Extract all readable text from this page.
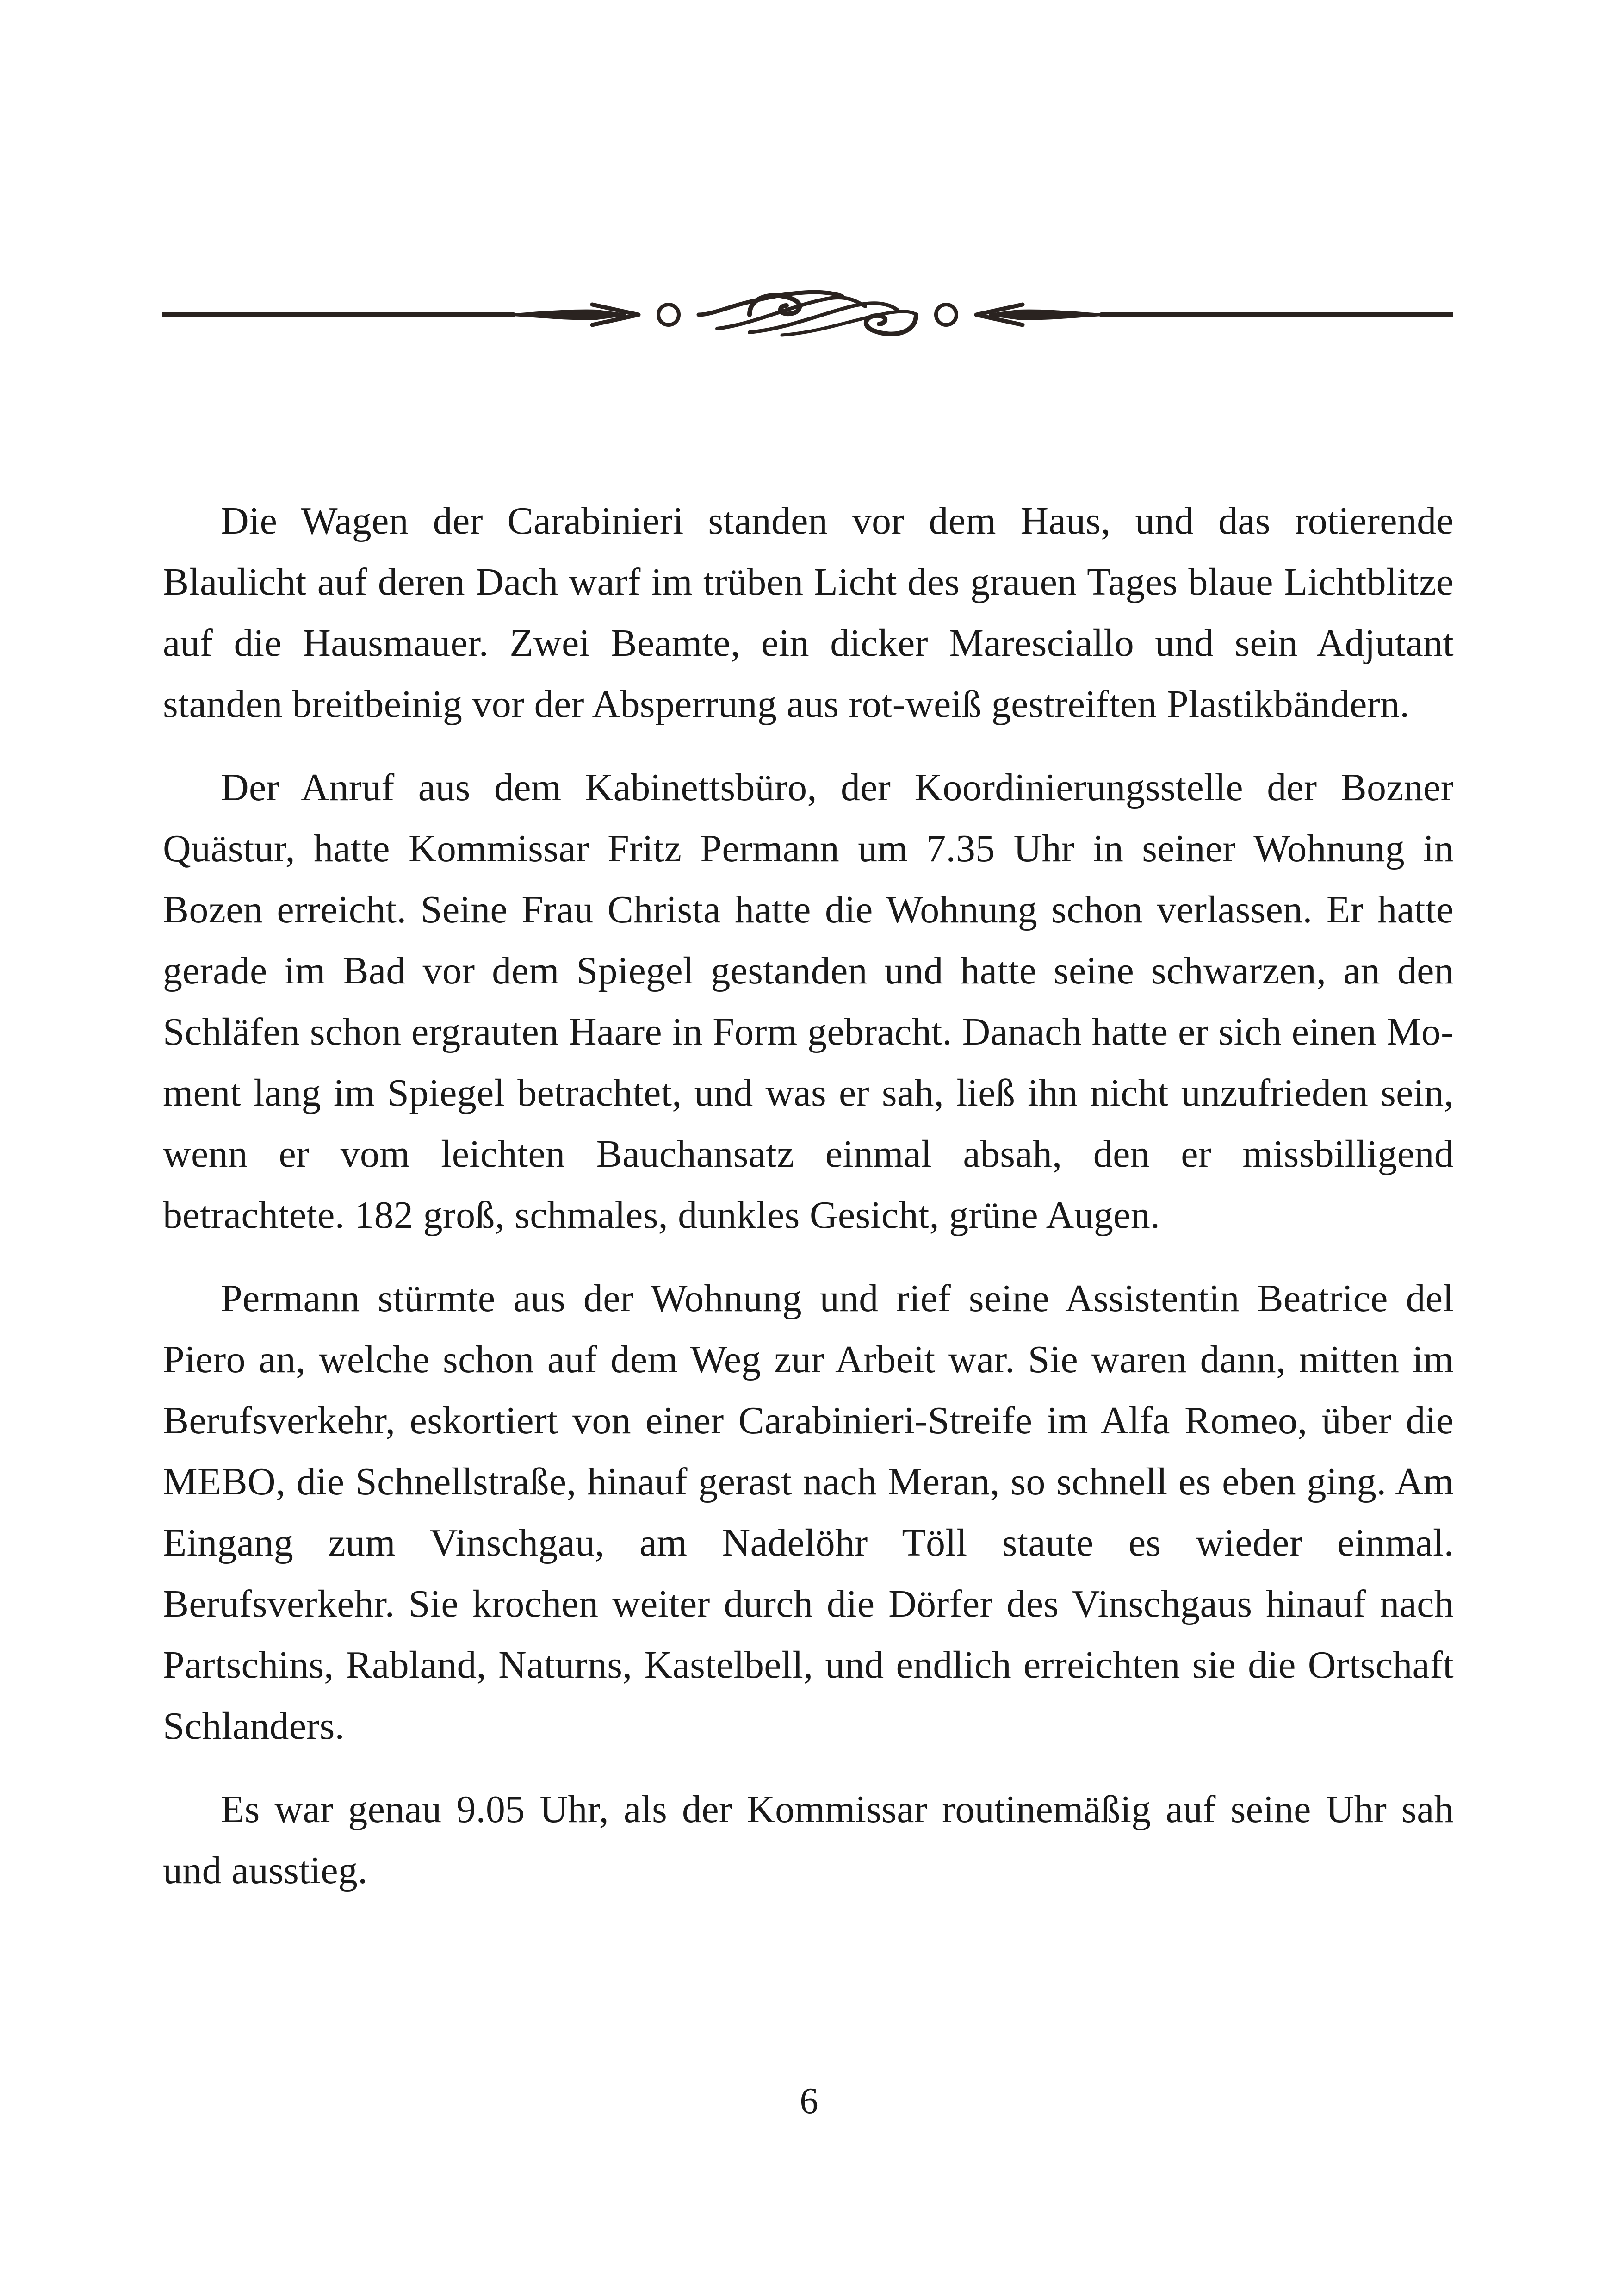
Die Wagen der Carabinieri standen vor dem Haus, und das rotierende Blaulicht auf deren Dach warf im trüben Licht des grauen Tages blaue Lichtblitze auf die Hausmauer. Zwei Beamte, ein dicker Maresciallo und sein Adjutant standen breitbeinig vor der Absperrung aus rot-weiß gestreiften Plastikbändern.

Der Anruf aus dem Kabinettsbüro, der Koordinierungsstelle der Bozner Quästur, hatte Kommissar Fritz Permann um 7.35 Uhr in seiner Wohnung in Bozen erreicht. Seine Frau Christa hatte die Wohnung schon verlassen. Er hatte gerade im Bad vor dem Spiegel gestanden und hatte seine schwarzen, an den Schläfen schon ergrauten Haare in Form gebracht. Danach hatte er sich einen Moment lang im Spiegel betrachtet, und was er sah, ließ ihn nicht unzufrieden sein, wenn er vom leichten Bauchansatz einmal absah, den er missbilligend betrachtete. 182 groß, schmales, dunkles Gesicht, grüne Augen.

Permann stürmte aus der Wohnung und rief seine Assistentin Beatrice del Piero an, welche schon auf dem Weg zur Arbeit war. Sie waren dann, mitten im Berufsverkehr, eskortiert von einer Carabinieri-Streife im Alfa Romeo, über die MEBO, die Schnellstraße, hinauf gerast nach Meran, so schnell es eben ging. Am Eingang zum Vinschgau, am Nadelöhr Töll staute es wieder einmal. Berufsverkehr. Sie krochen weiter durch die Dörfer des Vinschgaus hinauf nach Partschins, Rabland, Naturns, Kastelbell, und endlich erreichten sie die Ortschaft Schlanders.

Es war genau 9.05 Uhr, als der Kommissar routinemäßig auf seine Uhr sah und ausstieg.

6
